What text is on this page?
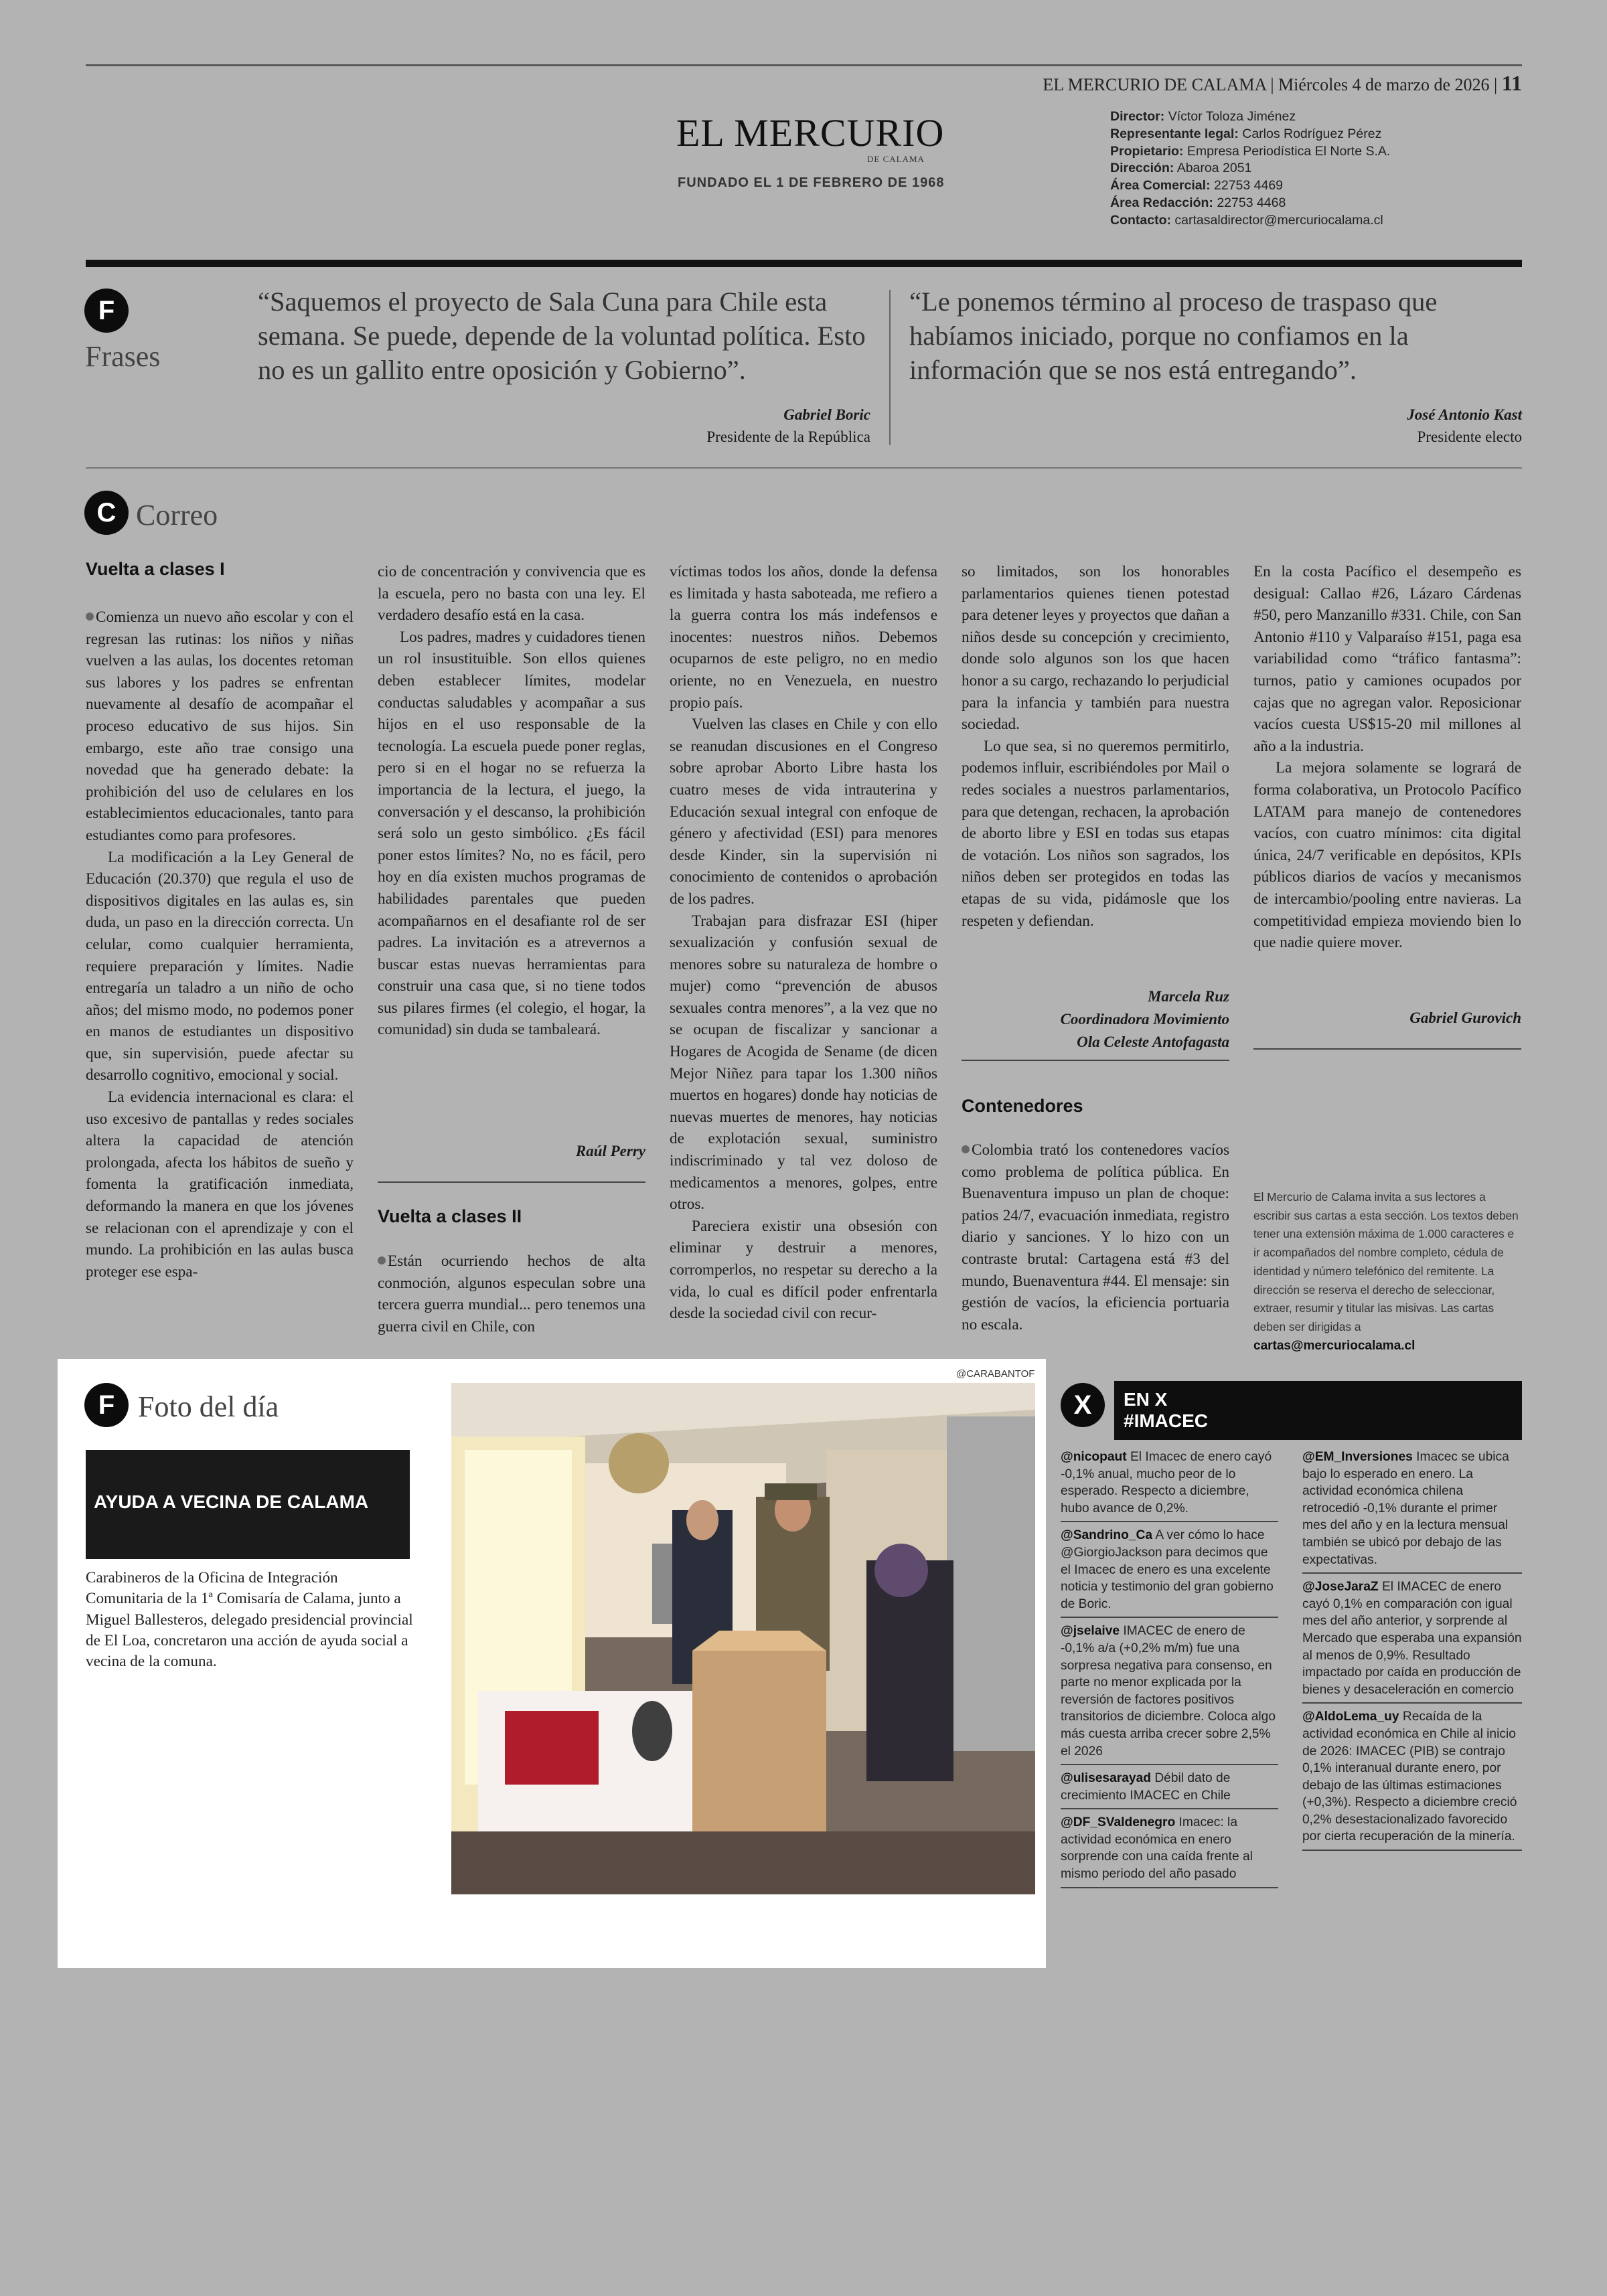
EL MERCURIO DE CALAMA | Miércoles 4 de marzo de 2026 | 11
EL MERCURIO
DE CALAMA
FUNDADO EL 1 DE FEBRERO DE 1968
Director: Víctor Toloza Jiménez
Representante legal: Carlos Rodríguez Pérez
Propietario: Empresa Periodística El Norte S.A.
Dirección: Abaroa 2051
Área Comercial: 22753 4469
Área Redacción: 22753 4468
Contacto: cartasaldirector@mercuriocalama.cl
F
Frases
“Saquemos el proyecto de Sala Cuna para Chile esta semana. Se puede, depende de la voluntad política. Esto no es un gallito entre oposición y Gobierno”.
Gabriel Boric
Presidente de la República
“Le ponemos término al proceso de traspaso que habíamos iniciado, porque no confiamos en la información que se nos está entregando”.
José Antonio Kast
Presidente electo
C Correo
Vuelta a clases I

Comienza un nuevo año escolar y con el regresan las rutinas: los niños y niñas vuelven a las aulas, los docentes retoman sus labores y los padres se enfrentan nuevamente al desafío de acompañar el proceso educativo de sus hijos. Sin embargo, este año trae consigo una novedad que ha generado debate: la prohibición del uso de celulares en los establecimientos educacionales, tanto para estudiantes como para profesores.

La modificación a la Ley General de Educación (20.370) que regula el uso de dispositivos digitales en las aulas es, sin duda, un paso en la dirección correcta. Un celular, como cualquier herramienta, requiere preparación y límites. Nadie entregaría un taladro a un niño de ocho años; del mismo modo, no podemos poner en manos de estudiantes un dispositivo que, sin supervisión, puede afectar su desarrollo cognitivo, emocional y social.

La evidencia internacional es clara: el uso excesivo de pantallas y redes sociales altera la capacidad de atención prolongada, afecta los hábitos de sueño y fomenta la gratificación inmediata, deformando la manera en que los jóvenes se relacionan con el aprendizaje y con el mundo. La prohibición en las aulas busca proteger ese espa-

cio de concentración y convivencia que es la escuela, pero no basta con una ley. El verdadero desafío está en la casa.

Los padres, madres y cuidadores tienen un rol insustituible. Son ellos quienes deben establecer límites, modelar conductas saludables y acompañar a sus hijos en el uso responsable de la tecnología. La escuela puede poner reglas, pero si en el hogar no se refuerza la importancia de la lectura, el juego, la conversación y el descanso, la prohibición será solo un gesto simbólico. ¿Es fácil poner estos límites? No, no es fácil, pero hoy en día existen muchos programas de habilidades parentales que pueden acompañarnos en el desafiante rol de ser padres. La invitación es a atrevernos a buscar estas nuevas herramientas para construir una casa que, si no tiene todos sus pilares firmes (el colegio, el hogar, la comunidad) sin duda se tambaleará.

Raúl Perry
Vuelta a clases II

Están ocurriendo hechos de alta conmoción, algunos especulan sobre una tercera guerra mundial... pero tenemos una guerra civil en Chile, con

víctimas todos los años, donde la defensa es limitada y hasta saboteada, me refiero a la guerra contra los más indefensos e inocentes: nuestros niños. Debemos ocuparnos de este peligro, no en medio oriente, no en Venezuela, en nuestro propio país.

Vuelven las clases en Chile y con ello se reanudan discusiones en el Congreso sobre aprobar Aborto Libre hasta los cuatro meses de vida intrauterina y Educación sexual integral con enfoque de género y afectividad (ESI) para menores desde Kinder, sin la supervisión ni conocimiento de contenidos o aprobación de los padres.

Trabajan para disfrazar ESI (hiper sexualización y confusión sexual de menores sobre su naturaleza de hombre o mujer) como “prevención de abusos sexuales contra menores”, a la vez que no se ocupan de fiscalizar y sancionar a Hogares de Acogida de Sename (de dicen Mejor Niñez para tapar los 1.300 niños muertos en hogares) donde hay noticias de nuevas muertes de menores, hay noticias de explotación sexual, suministro indiscriminado y tal vez doloso de medicamentos a menores, golpes, entre otros.

Pareciera existir una obsesión con eliminar y destruir a menores, corromperlos, no respetar su derecho a la vida, lo cual es difícil poder enfrentarla desde la sociedad civil con recur-

so limitados, son los honorables parlamentarios quienes tienen potestad para detener leyes y proyectos que dañan a niños desde su concepción y crecimiento, donde solo algunos son los que hacen honor a su cargo, rechazando lo perjudicial para la infancia y también para nuestra sociedad.

Lo que sea, si no queremos permitirlo, podemos influir, escribiéndoles por Mail o redes sociales a nuestros parlamentarios, para que detengan, rechacen, la aprobación de aborto libre y ESI en todas sus etapas de votación. Los niños son sagrados, los niños deben ser protegidos en todas las etapas de su vida, pidámosle que los respeten y defiendan.

Marcela Ruz
Coordinadora Movimiento
Ola Celeste Antofagasta
Contenedores

Colombia trató los contenedores vacíos como problema de política pública. En Buenaventura impuso un plan de choque: patios 24/7, evacuación inmediata, registro diario y sanciones. Y lo hizo con un contraste brutal: Cartagena está #3 del mundo, Buenaventura #44. El mensaje: sin gestión de vacíos, la eficiencia portuaria no escala.

En la costa Pacífico el desempeño es desigual: Callao #26, Lázaro Cárdenas #50, pero Manzanillo #331. Chile, con San Antonio #110 y Valparaíso #151, paga esa variabilidad como “tráfico fantasma”: turnos, patio y camiones ocupados por cajas que no agregan valor. Reposicionar vacíos cuesta US$15-20 mil millones al año a la industria.

La mejora solamente se logrará de forma colaborativa, un Protocolo Pacífico LATAM para manejo de contenedores vacíos, con cuatro mínimos: cita digital única, 24/7 verificable en depósitos, KPIs públicos diarios de vacíos y mecanismos de intercambio/pooling entre navieras. La competitividad empieza moviendo bien lo que nadie quiere mover.

Gabriel Gurovich
El Mercurio de Calama invita a sus lectores a escribir sus cartas a esta sección. Los textos deben tener una extensión máxima de 1.000 caracteres e ir acompañados del nombre completo, cédula de identidad y número telefónico del remitente. La dirección se reserva el derecho de seleccionar, extraer, resumir y titular las misivas. Las cartas deben ser dirigidas a
cartas@mercuriocalama.cl
F Foto del día
AYUDA A VECINA DE CALAMA
Carabineros de la Oficina de Integración Comunitaria de la 1ª Comisaría de Calama, junto a Miguel Ballesteros, delegado presidencial provincial de El Loa, concretaron una acción de ayuda social a vecina de la comuna.
@CARABANTOF
X	EN X
#IMACEC
@nicopaut El Imacec de enero cayó -0,1% anual, mucho peor de lo esperado. Respecto a diciembre, hubo avance de 0,2%.
@Sandrino_Ca A ver cómo lo hace @GiorgioJackson para decimos que el Imacec de enero es una excelente noticia y testimonio del gran gobierno de Boric.
@jselaive IMACEC de enero de -0,1% a/a (+0,2% m/m) fue una sorpresa negativa para consenso, en parte no menor explicada por la reversión de factores positivos transitorios de diciembre. Coloca algo más cuesta arriba crecer sobre 2,5% el 2026
@ulisesarayad Débil dato de crecimiento IMACEC en Chile
@DF_SValdenegro Imacec: la actividad económica en enero sorprende con una caída frente al mismo periodo del año pasado
@EM_Inversiones Imacec se ubica bajo lo esperado en enero. La actividad económica chilena retrocedió -0,1% durante el primer mes del año y en la lectura mensual también se ubicó por debajo de las expectativas.
@JoseJaraZ El IMACEC de enero cayó 0,1% en comparación con igual mes del año anterior, y sorprende al Mercado que esperaba una expansión al menos de 0,9%. Resultado impactado por caída en producción de bienes y desaceleración en comercio
@AldoLema_uy Recaída de la actividad económica en Chile al inicio de 2026: IMACEC (PIB) se contrajo 0,1% interanual durante enero, por debajo de las últimas estimaciones (+0,3%). Respecto a diciembre creció 0,2% desestacionalizado favorecido por cierta recuperación de la minería.
